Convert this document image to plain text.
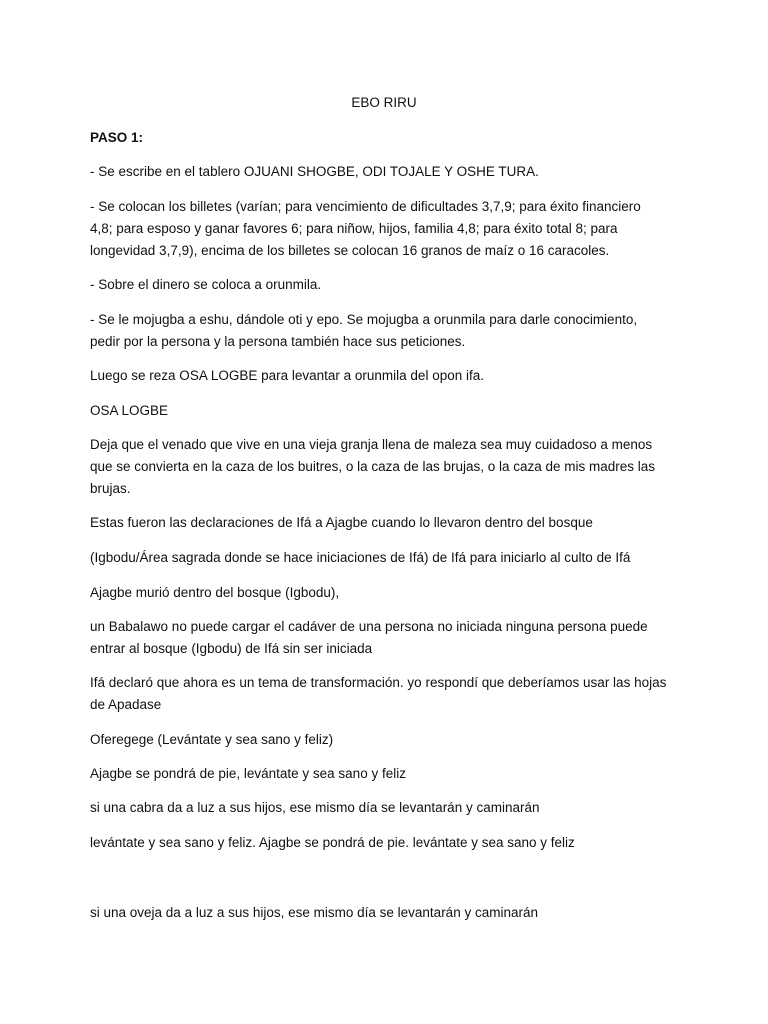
EBO RIRU

PASO 1:

- Se escribe en el tablero OJUANI SHOGBE, ODI TOJALE Y OSHE TURA.

- Se colocan los billetes (varían; para vencimiento de dificultades 3,7,9; para éxito financiero
4,8; para esposo y ganar favores 6; para niñow, hijos, familia 4,8; para éxito total 8; para
longevidad 3,7,9), encima de los billetes se colocan 16 granos de maíz o 16 caracoles.

- Sobre el dinero se coloca a orunmila.

- Se le mojugba a eshu, dándole oti y epo. Se mojugba a orunmila para darle conocimiento,
pedir por la persona y la persona también hace sus peticiones.

Luego se reza OSA LOGBE para levantar a orunmila del opon ifa.

OSA LOGBE

Deja que el venado que vive en una vieja granja llena de maleza sea muy cuidadoso a menos
que se convierta en la caza de los buitres, o la caza de las brujas, o la caza de mis madres las
brujas.

Estas fueron las declaraciones de Ifá a Ajagbe cuando lo llevaron dentro del bosque

(Igbodu/Área sagrada donde se hace iniciaciones de Ifá) de Ifá para iniciarlo al culto de Ifá

Ajagbe murió dentro del bosque (Igbodu),

un Babalawo no puede cargar el cadáver de una persona no iniciada ninguna persona puede
entrar al bosque (Igbodu) de Ifá sin ser iniciada

Ifá declaró que ahora es un tema de transformación. yo respondí que deberíamos usar las hojas
de Apadase

Oferegege (Levántate y sea sano y feliz)

Ajagbe se pondrá de pie, levántate y sea sano y feliz

si una cabra da a luz a sus hijos, ese mismo día se levantarán y caminarán

levántate y sea sano y feliz. Ajagbe se pondrá de pie. levántate y sea sano y feliz

si una oveja da a luz a sus hijos, ese mismo día se levantarán y caminarán
